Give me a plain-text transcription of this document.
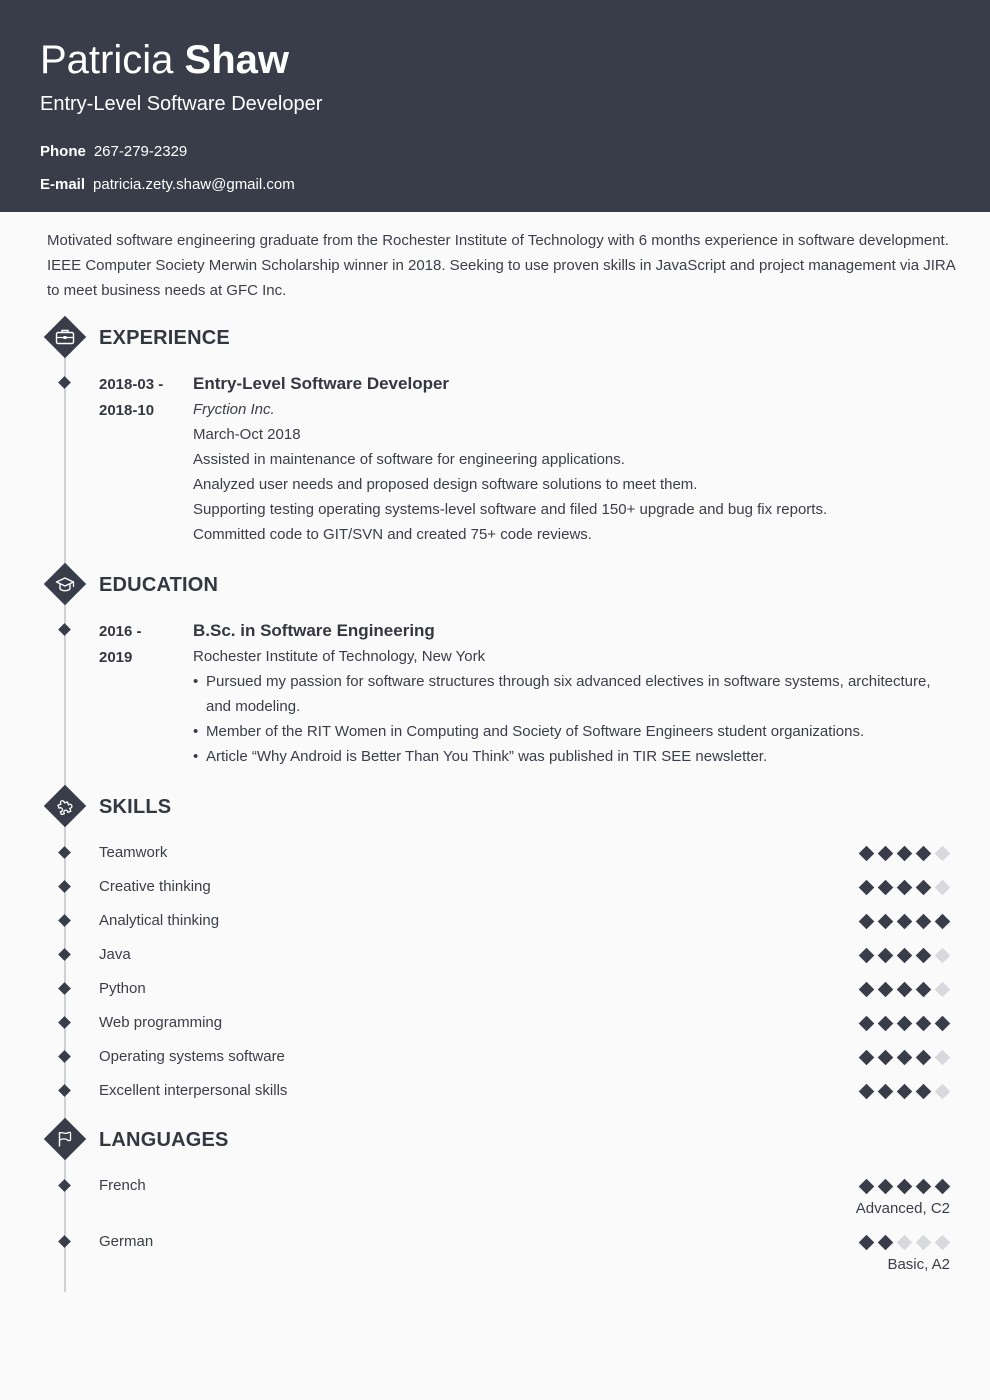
Patricia Shaw
Entry-Level Software Developer
Phone 267-279-2329
E-mail patricia.zety.shaw@gmail.com
Motivated software engineering graduate from the Rochester Institute of Technology with 6 months experience in software development. IEEE Computer Society Merwin Scholarship winner in 2018. Seeking to use proven skills in JavaScript and project management via JIRA to meet business needs at GFC Inc.
EXPERIENCE
2018-03 -
2018-10
Entry-Level Software Developer
Fryction Inc.
March-Oct 2018
Assisted in maintenance of software for engineering applications.
Analyzed user needs and proposed design software solutions to meet them.
Supporting testing operating systems-level software and filed 150+ upgrade and bug fix reports.
Committed code to GIT/SVN and created 75+ code reviews.
EDUCATION
2016 -
2019
B.Sc. in Software Engineering
Rochester Institute of Technology, New York
• Pursued my passion for software structures through six advanced electives in software systems, architecture, and modeling.
• Member of the RIT Women in Computing and Society of Software Engineers student organizations.
• Article “Why Android is Better Than You Think” was published in TIR SEE newsletter.
SKILLS
Teamwork
Creative thinking
Analytical thinking
Java
Python
Web programming
Operating systems software
Excellent interpersonal skills
LANGUAGES
French
Advanced, C2
German
Basic, A2
